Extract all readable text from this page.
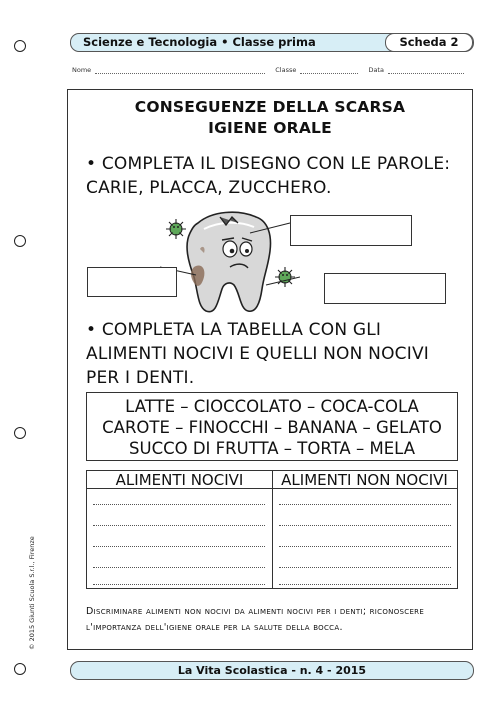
Scienze e Tecnologia • Classe prima	Scheda 2
Nome	Classe	Data
CONSEGUENZE DELLA SCARSA
IGIENE ORALE
• COMPLETA IL DISEGNO CON LE PAROLE:
CARIE, PLACCA, ZUCCHERO.
• COMPLETA LA TABELLA CON GLI
ALIMENTI NOCIVI E QUELLI NON NOCIVI
PER I DENTI.
LATTE – CIOCCOLATO – COCA-COLA
CAROTE – FINOCCHI – BANANA – GELATO
SUCCO DI FRUTTA – TORTA – MELA
ALIMENTI NOCIVI	ALIMENTI NON NOCIVI
Discriminare alimenti non nocivi da alimenti nocivi per i denti; riconoscere
l'importanza dell'igiene orale per la salute della bocca.
La Vita Scolastica - n. 4 - 2015
© 2015 Giunti Scuola S.r.l., Firenze
